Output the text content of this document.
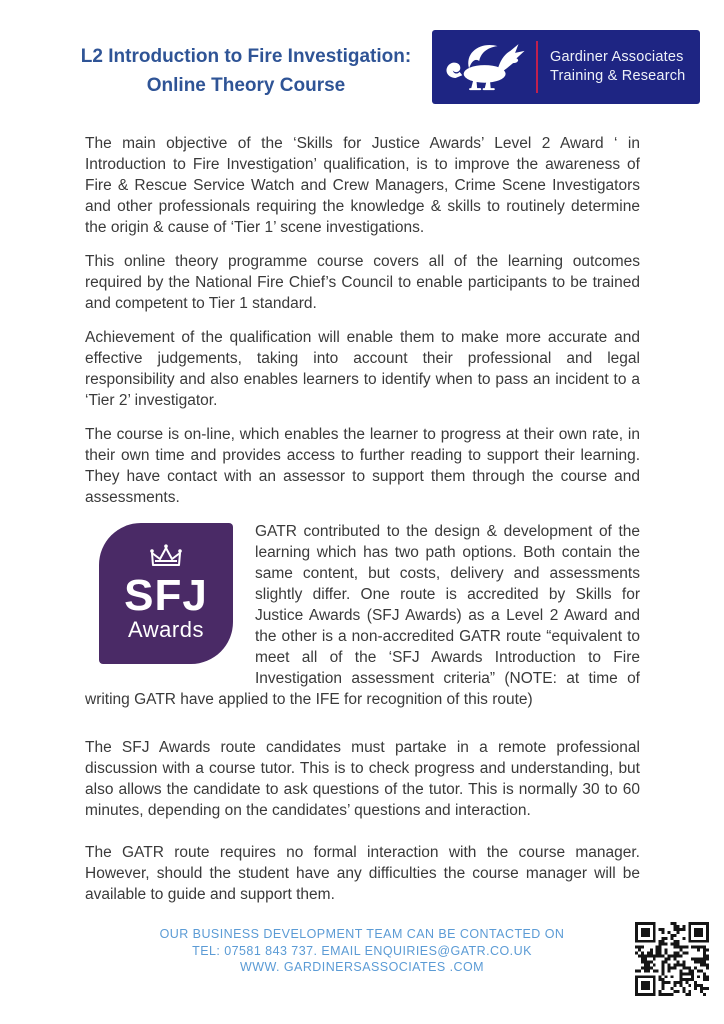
L2 Introduction to Fire Investigation:
Online Theory Course
Gardiner Associates
Training & Research

The main objective of the ‘Skills for Justice Awards’ Level 2 Award ‘ in Introduction to Fire Investigation’ qualification, is to improve the awareness of Fire & Rescue Service Watch and Crew Managers, Crime Scene Investigators and other professionals requiring the knowledge & skills to routinely determine the origin & cause of ‘Tier 1’ scene investigations.

This online theory programme course covers all of the learning outcomes required by the National Fire Chief’s Council to enable participants to be trained and competent to Tier 1 standard.

Achievement of the qualification will enable them to make more accurate and effective judgements, taking into account their professional and legal responsibility and also enables learners to identify when to pass an incident to a ‘Tier 2’ investigator.

The course is on-line, which enables the learner to progress at their own rate, in their own time and provides access to further reading to support their learning. They have contact with an assessor to support them through the course and assessments.

SFJ
Awards

GATR contributed to the design & development of the learning which has two path options. Both contain the same content, but costs, delivery and assessments slightly differ. One route is accredited by Skills for Justice Awards (SFJ Awards) as a Level 2 Award and the other is a non-accredited GATR route “equivalent to meet all of the ‘SFJ Awards Introduction to Fire Investigation assessment criteria” (NOTE: at time of writing GATR have applied to the IFE for recognition of this route)

The SFJ Awards route candidates must partake in a remote professional discussion with a course tutor. This is to check progress and understanding, but also allows the candidate to ask questions of the tutor. This is normally 30 to 60 minutes, depending on the candidates’ questions and interaction.

The GATR route requires no formal interaction with the course manager. However, should the student have any difficulties the course manager will be available to guide and support them.

OUR BUSINESS DEVELOPMENT TEAM CAN BE CONTACTED ON
TEL: 07581 843 737. EMAIL ENQUIRIES@GATR.CO.UK
WWW. GARDINERSASSOCIATES .COM
